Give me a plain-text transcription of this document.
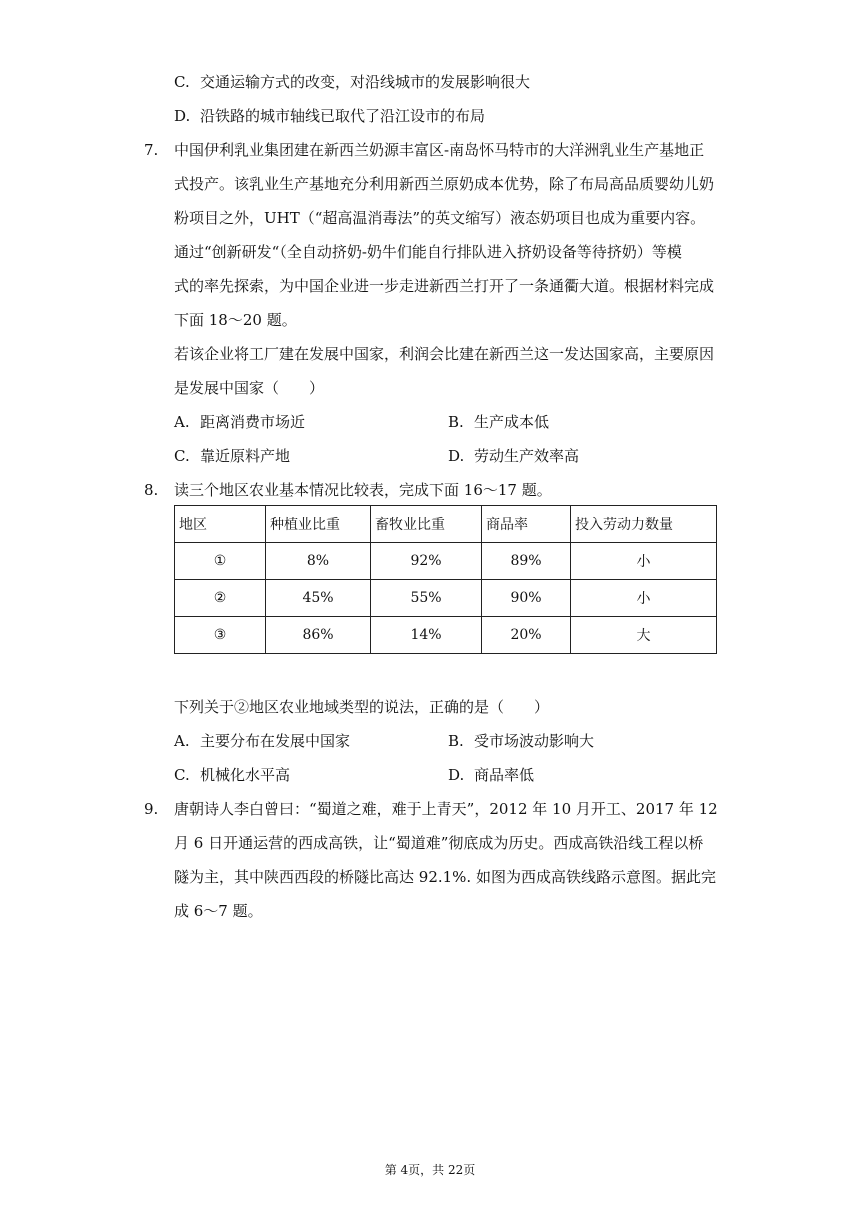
C. 交通运输方式的改变，对沿线城市的发展影响很大
D. 沿铁路的城市轴线已取代了沿江设市的布局
7. 中国伊利乳业集团建在新西兰奶源丰富区-南岛怀马特市的大洋洲乳业生产基地正
式投产。该乳业生产基地充分利用新西兰原奶成本优势，除了布局高品质婴幼儿奶
粉项目之外，UHT（“超高温消毒法”的英文缩写）液态奶项目也成为重要内容。
通过“创新研发“（全自动挤奶-奶牛们能自行排队进入挤奶设备等待挤奶）等模
式的率先探索，为中国企业进一步走进新西兰打开了一条通衢大道。根据材料完成
下面 18～20 题。
若该企业将工厂建在发展中国家，利润会比建在新西兰这一发达国家高，主要原因
是发展中国家（　　）
A. 距离消费市场近	B. 生产成本低
C. 靠近原料产地	D. 劳动生产效率高
8. 读三个地区农业基本情况比较表，完成下面 16～17 题。
地区	种植业比重	畜牧业比重	商品率	投入劳动力数量
①	8%	92%	89%	小
②	45%	55%	90%	小
③	86%	14%	20%	大
下列关于②地区农业地域类型的说法，正确的是（　　）
A. 主要分布在发展中国家	B. 受市场波动影响大
C. 机械化水平高	D. 商品率低
9. 唐朝诗人李白曾曰：“蜀道之难，难于上青天”，2012 年 10 月开工、2017 年 12
月 6 日开通运营的西成高铁，让“蜀道难”彻底成为历史。西成高铁沿线工程以桥
隧为主，其中陕西西段的桥隧比高达 92.1%. 如图为西成高铁线路示意图。据此完
成 6～7 题。
第 4页，共 22页
